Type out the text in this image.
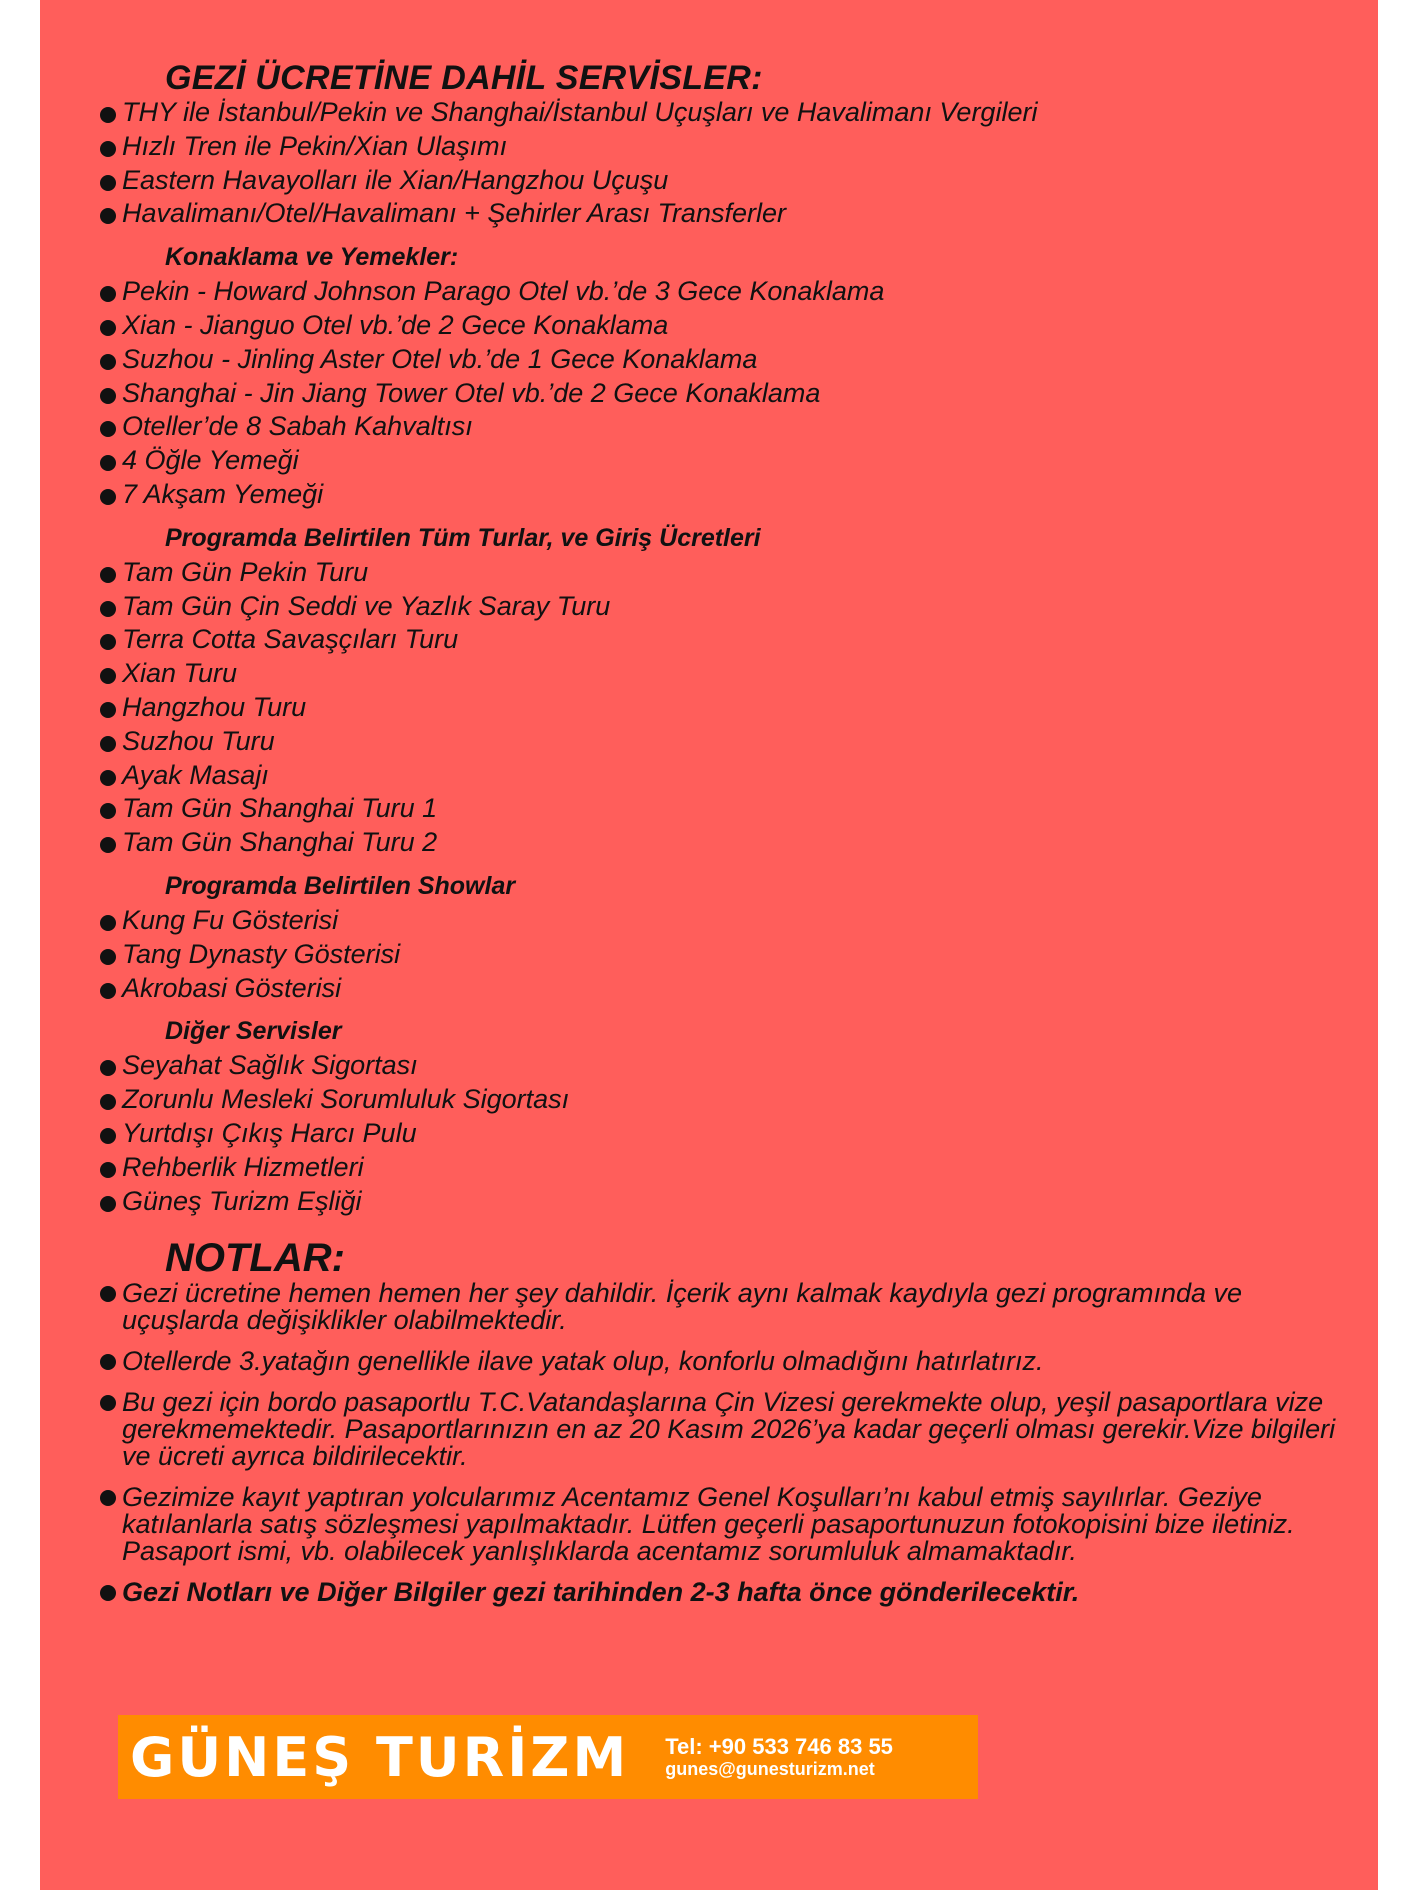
GEZİ ÜCRETİNE DAHİL SERVİSLER:
THY ile İstanbul/Pekin ve Shanghai/İstanbul Uçuşları ve Havalimanı Vergileri
Hızlı Tren ile Pekin/Xian Ulaşımı
Eastern Havayolları ile Xian/Hangzhou Uçuşu
Havalimanı/Otel/Havalimanı + Şehirler Arası Transferler
Konaklama ve Yemekler:
Pekin - Howard Johnson Parago Otel vb.’de 3 Gece Konaklama
Xian - Jianguo Otel vb.’de 2 Gece Konaklama
Suzhou - Jinling Aster Otel vb.’de 1 Gece Konaklama
Shanghai - Jin Jiang Tower Otel vb.’de 2 Gece Konaklama
Oteller’de 8 Sabah Kahvaltısı
4 Öğle Yemeği
7 Akşam Yemeği
Programda Belirtilen Tüm Turlar, ve Giriş Ücretleri
Tam Gün Pekin Turu
Tam Gün Çin Seddi ve Yazlık Saray Turu
Terra Cotta Savaşçıları Turu
Xian Turu
Hangzhou Turu
Suzhou Turu
Ayak Masajı
Tam Gün Shanghai Turu 1
Tam Gün Shanghai Turu 2
Programda Belirtilen Showlar
Kung Fu Gösterisi
Tang Dynasty Gösterisi
Akrobasi Gösterisi
Diğer Servisler
Seyahat Sağlık Sigortası
Zorunlu Mesleki Sorumluluk Sigortası
Yurtdışı Çıkış Harcı Pulu
Rehberlik Hizmetleri
Güneş Turizm Eşliği
NOTLAR:
Gezi ücretine hemen hemen her şey dahildir. İçerik aynı kalmak kaydıyla gezi programında ve uçuşlarda değişiklikler olabilmektedir.
Otellerde 3.yatağın genellikle ilave yatak olup, konforlu olmadığını hatırlatırız.
Bu gezi için bordo pasaportlu T.C.Vatandaşlarına Çin Vizesi gerekmekte olup, yeşil pasaportlara vize gerekmemektedir. Pasaportlarınızın en az 20 Kasım 2026’ya kadar geçerli olması gerekir.Vize bilgileri ve ücreti ayrıca bildirilecektir.
Gezimize kayıt yaptıran yolcularımız Acentamız Genel Koşulları’nı kabul etmiş sayılırlar. Geziye katılanlarla satış sözleşmesi yapılmaktadır. Lütfen geçerli pasaportunuzun fotokopisini bize iletiniz. Pasaport ismi, vb. olabilecek yanlışlıklarda acentamız sorumluluk almamaktadır.
Gezi Notları ve Diğer Bilgiler gezi tarihinden 2-3 hafta önce gönderilecektir.
GÜNEŞ TURİZM Tel: +90 533 746 83 55
gunes@gunesturizm.net
